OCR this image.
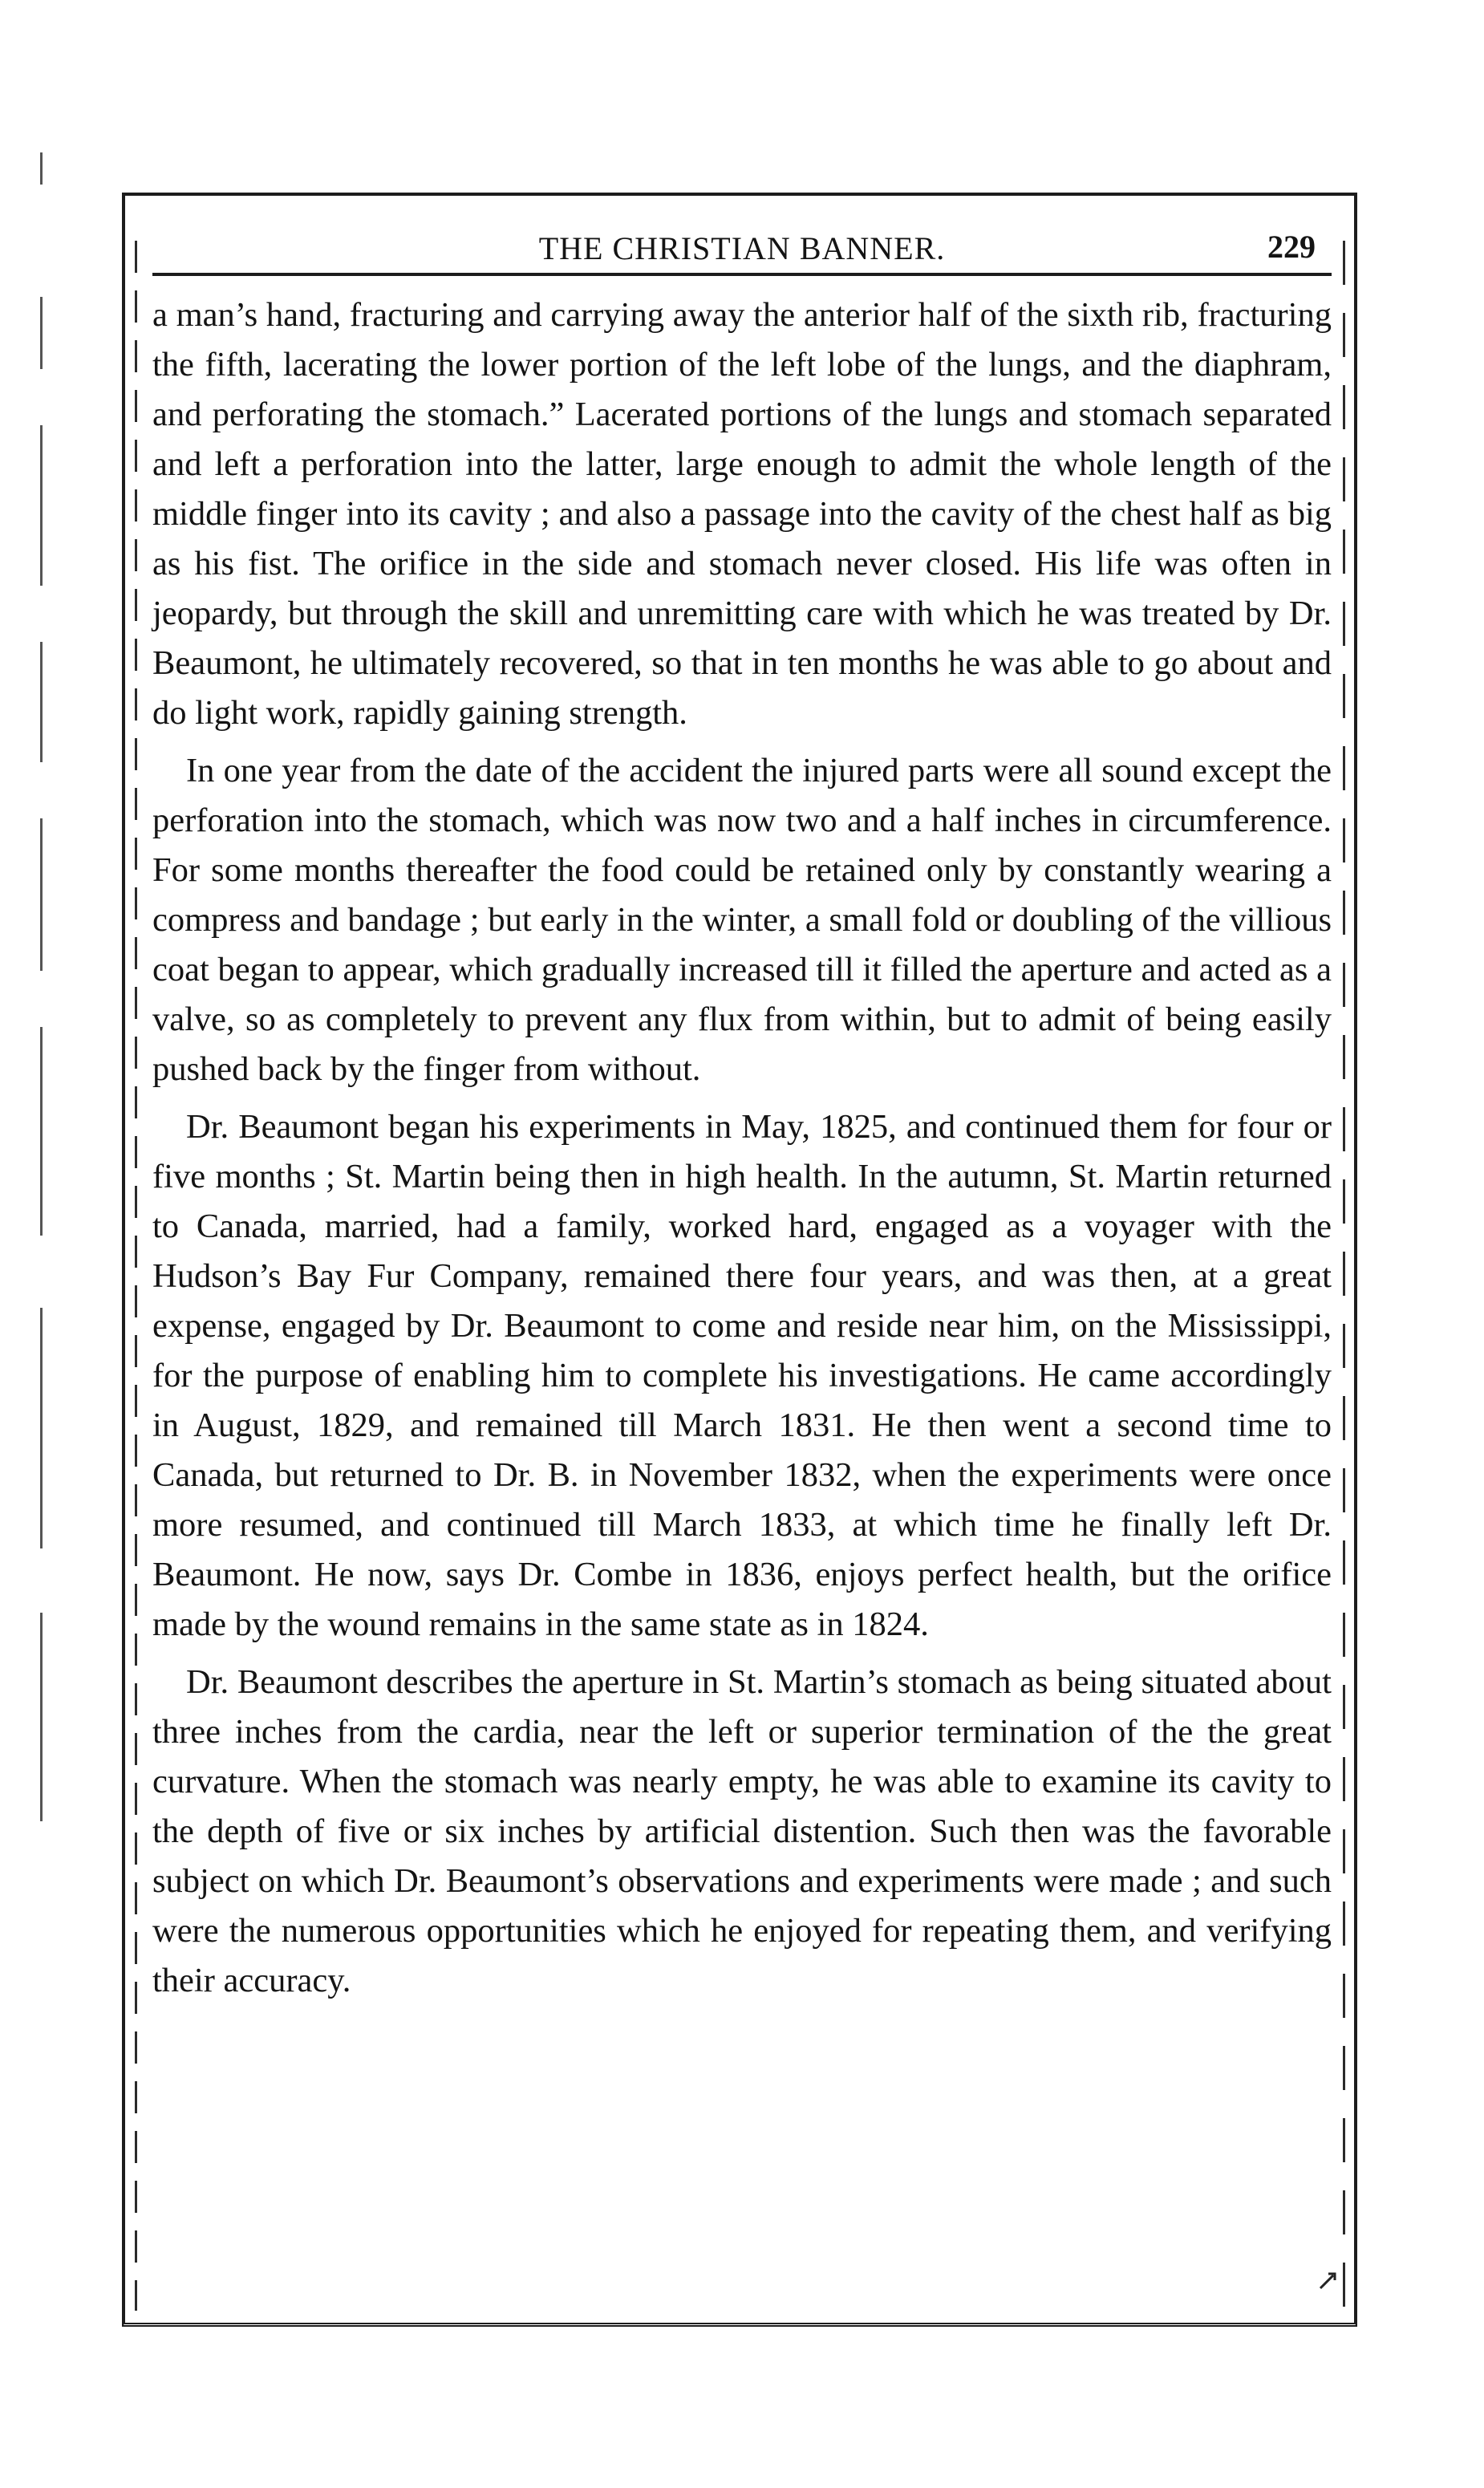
THE CHRISTIAN BANNER.	229

a man’s hand, fracturing and carrying away the anterior half of the sixth rib, fracturing the fifth, lacerating the lower portion of the left lobe of the lungs, and the diaphram, and perforating the stomach.” Lacerated portions of the lungs and stomach separated and left a perforation into the latter, large enough to admit the whole length of the middle finger into its cavity ; and also a passage into the cavity of the chest half as big as his fist. The orifice in the side and stomach never closed. His life was often in jeopardy, but through the skill and unremitting care with which he was treated by Dr. Beaumont, he ultimately recovered, so that in ten months he was able to go about and do light work, rapidly gaining strength.

In one year from the date of the accident the injured parts were all sound except the perforation into the stomach, which was now two and a half inches in circumference. For some months thereafter the food could be retained only by constantly wearing a compress and bandage ; but early in the winter, a small fold or doubling of the villious coat began to appear, which gradually increased till it filled the aperture and acted as a valve, so as completely to prevent any flux from within, but to admit of being easily pushed back by the finger from without.

Dr. Beaumont began his experiments in May, 1825, and continued them for four or five months ; St. Martin being then in high health. In the autumn, St. Martin returned to Canada, married, had a family, worked hard, engaged as a voyager with the Hudson’s Bay Fur Company, remained there four years, and was then, at a great expense, engaged by Dr. Beaumont to come and reside near him, on the Mississippi, for the purpose of enabling him to complete his investigations. He came accordingly in August, 1829, and remained till March 1831. He then went a second time to Canada, but returned to Dr. B. in November 1832, when the experiments were once more resumed, and continued till March 1833, at which time he finally left Dr. Beaumont. He now, says Dr. Combe in 1836, enjoys perfect health, but the orifice made by the wound remains in the same state as in 1824.

Dr. Beaumont describes the aperture in St. Martin’s stomach as being situated about three inches from the cardia, near the left or superior termination of the the great curvature. When the stomach was nearly empty, he was able to examine its cavity to the depth of five or six inches by artificial distention. Such then was the favorable subject on which Dr. Beaumont’s observations and experiments were made ; and such were the numerous opportunities which he enjoyed for repeating them, and verifying their accuracy.
